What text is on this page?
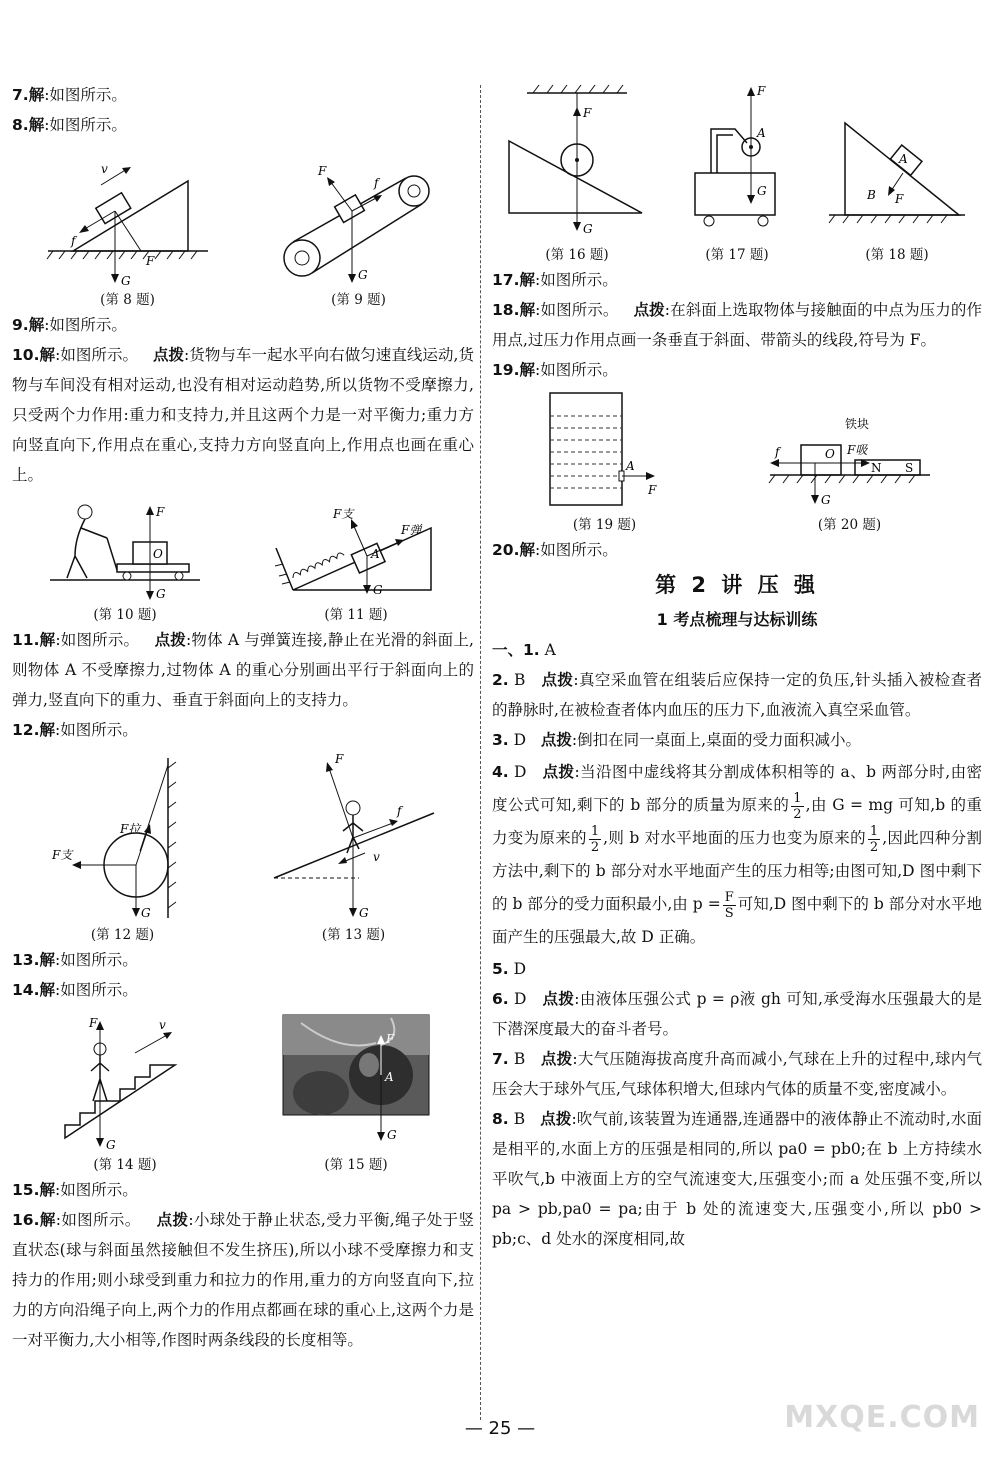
7.解:如图所示。

8.解:如图所示。

v
f
F
G
(第 8 题)
F
f
G
(第 9 题)

9.解:如图所示。

10.解:如图所示。 点拨:货物与车一起水平向右做匀速直线运动,货物与车间没有相对运动,也没有相对运动趋势,所以货物不受摩擦力,只受两个力作用:重力和支持力,并且这两个力是一对平衡力;重力方向竖直向下,作用点在重心,支持力方向竖直向上,作用点也画在重心上。

F
O
G
(第 10 题)
F支
A
F弹
G
(第 11 题)

11.解:如图所示。 点拨:物体 A 与弹簧连接,静止在光滑的斜面上,则物体 A 不受摩擦力,过物体 A 的重心分别画出平行于斜面向上的弹力,竖直向下的重力、垂直于斜面向上的支持力。

12.解:如图所示。

F拉
F支
G
(第 12 题)
F
f
v
G
(第 13 题)

13.解:如图所示。

14.解:如图所示。

F	v
G
(第 14 题)
F
A
G
(第 15 题)

15.解:如图所示。

16.解:如图所示。 点拨:小球处于静止状态,受力平衡,绳子处于竖直状态(球与斜面虽然接触但不发生挤压),所以小球不受摩擦力和支持力的作用;则小球受到重力和拉力的作用,重力的方向竖直向下,拉力的方向沿绳子向上,两个力的作用点都画在球的重心上,这两个力是一对平衡力,大小相等,作图时两条线段的长度相等。

F
G
(第 16 题)
F
A
G
(第 17 题)
A
B F
(第 18 题)

17.解:如图所示。

18.解:如图所示。 点拨:在斜面上选取物体与接触面的中点为压力的作用点,过压力作用点画一条垂直于斜面、带箭头的线段,符号为 F。

19.解:如图所示。

A
F
(第 19 题)
铁块
f	O F吸
N S
G
(第 20 题)

20.解:如图所示。

第 2 讲 压 强
1 考点梳理与达标训练

一、1. A

2. B 点拨:真空采血管在组装后应保持一定的负压,针头插入被检查者的静脉时,在被检查者体内血压的压力下,血液流入真空采血管。

3. D 点拨:倒扣在同一桌面上,桌面的受力面积减小。

4. D 点拨:当沿图中虚线将其分割成体积相等的 a、b 两部分时,由密度公式可知,剩下的 b 部分的质量为原来的 $\frac{1}{2}$ ,由 G = mg 可知,b 的重力变为原来的 $\frac{1}{2}$ ,则 b 对水平地面的压力也变为原来的 $\frac{1}{2}$ ,因此四种分割方法中,剩下的 b 部分对水平地面产生的压力相等;由图可知,D 图中剩下的 b 部分的受力面积最小,由 $p = \frac{F}{S}$ 可知,D 图中剩下的 b 部分对水平地面产生的压强最大,故 D 正确。

5. D

6. D 点拨:由液体压强公式 p = ρ液 gh 可知,承受海水压强最大的是下潜深度最大的奋斗者号。

7. B 点拨:大气压随海拔高度升高而减小,气球在上升的过程中,球内气压会大于球外气压,气球体积增大,但球内气体的质量不变,密度减小。

8. B 点拨:吹气前,该装置为连通器,连通器中的液体静止不流动时,水面是相平的,水面上方的压强是相同的,所以 pa0 = pb0;在 b 上方持续水平吹气,b 中液面上方的空气流速变大,压强变小;而 a 处压强不变,所以 pa > pb,pa0 = pa;由于 b 处的流速变大,压强变小,所以 pb0 > pb;c、d 处水的深度相同,故

— 25 —	MXQE.COM
